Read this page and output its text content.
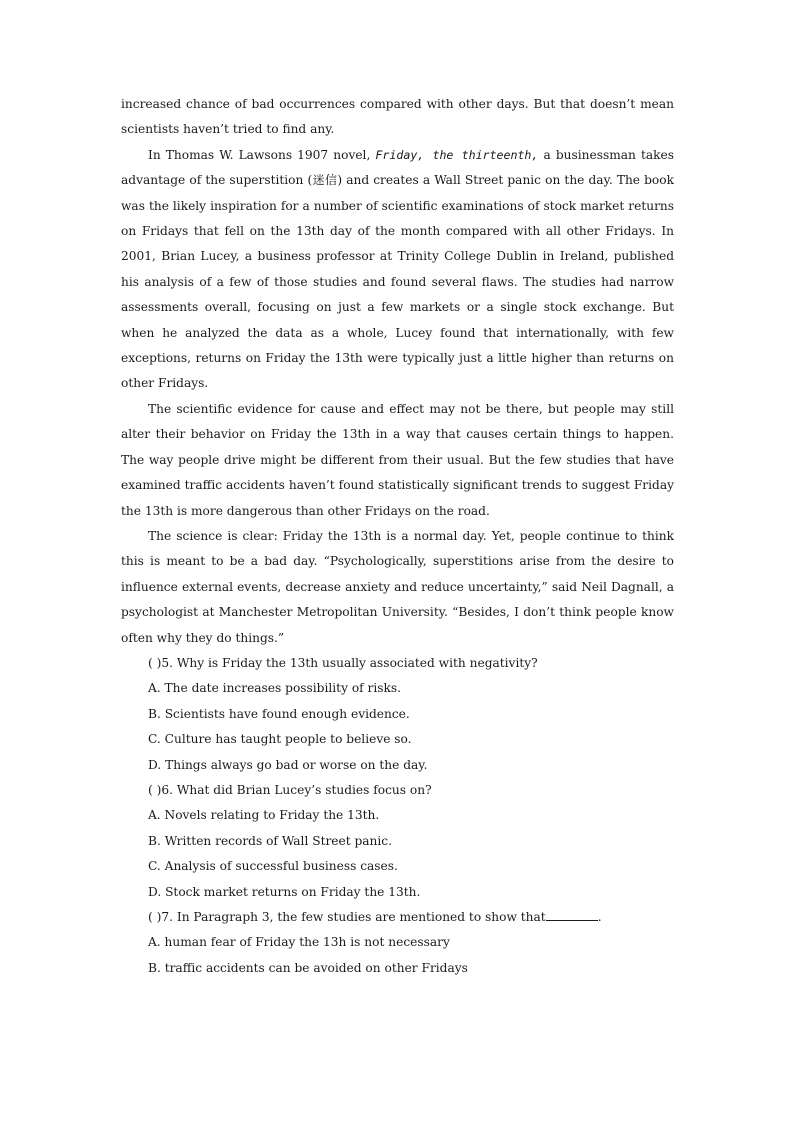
increased chance of bad occurrences compared with other days. But that doesn’t mean scientists haven’t tried to find any.

In Thomas W. Lawsons 1907 novel, Friday, the thirteenth, a businessman takes advantage of the superstition (迷信) and creates a Wall Street panic on the day. The book was the likely inspiration for a number of scientific examinations of stock market returns on Fridays that fell on the 13th day of the month compared with all other Fridays. In 2001, Brian Lucey, a business professor at Trinity College Dublin in Ireland, published his analysis of a few of those studies and found several flaws. The studies had narrow assessments overall, focusing on just a few markets or a single stock exchange. But when he analyzed the data as a whole, Lucey found that internationally, with few exceptions, returns on Friday the 13th were typically just a little higher than returns on other Fridays.

The scientific evidence for cause and effect may not be there, but people may still alter their behavior on Friday the 13th in a way that causes certain things to happen. The way people drive might be different from their usual. But the few studies that have examined traffic accidents haven’t found statistically significant trends to suggest Friday the 13th is more dangerous than other Fridays on the road.

The science is clear: Friday the 13th is a normal day. Yet, people continue to think this is meant to be a bad day. “Psychologically, superstitions arise from the desire to influence external events, decrease anxiety and reduce uncertainty,” said Neil Dagnall, a psychologist at Manchester Metropolitan University. “Besides, I don’t think people know often why they do things.”

( )5. Why is Friday the 13th usually associated with negativity?

A. The date increases possibility of risks.

B. Scientists have found enough evidence.

C. Culture has taught people to believe so.

D. Things always go bad or worse on the day.

( )6. What did Brian Lucey’s studies focus on?

A. Novels relating to Friday the 13th.

B. Written records of Wall Street panic.

C. Analysis of successful business cases.

D. Stock market returns on Friday the 13th.

( )7. In Paragraph 3, the few studies are mentioned to show that	.

A. human fear of Friday the 13h is not necessary

B. traffic accidents can be avoided on other Fridays
